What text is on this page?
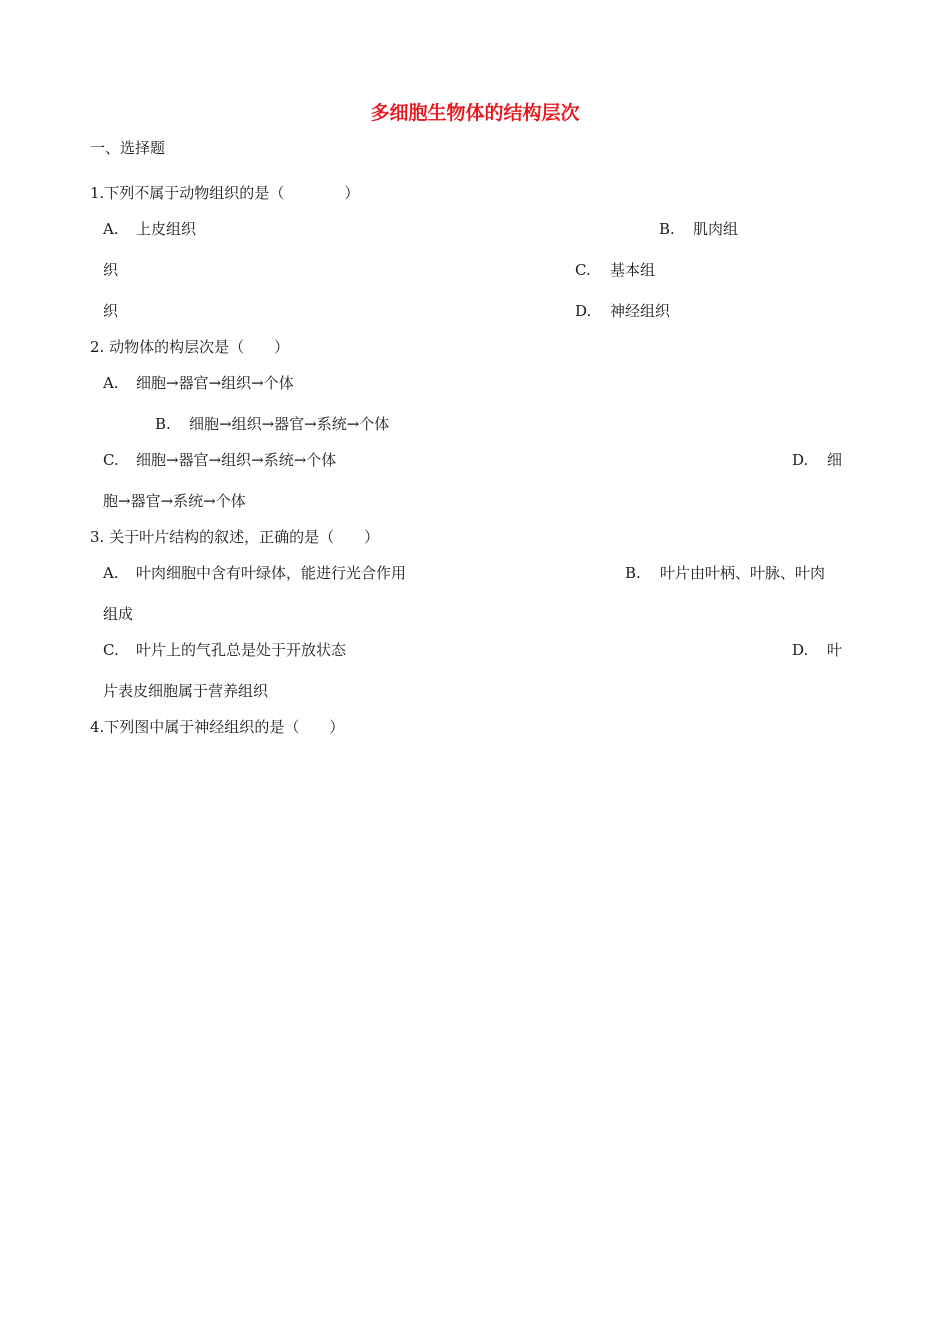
多细胞生物体的结构层次
一、选择题
1.下列不属于动物组织的是（　　　　）
A. 上皮组织	B. 肌肉组
织	C. 基本组
织	D. 神经组织
2. 动物体的构层次是（　　）
A. 细胞→器官→组织→个体
B. 细胞→组织→器官→系统→个体
C. 细胞→器官→组织→系统→个体	D. 细
胞→器官→系统→个体
3. 关于叶片结构的叙述，正确的是（　　）
A. 叶肉细胞中含有叶绿体，能进行光合作用	B. 叶片由叶柄、叶脉、叶肉
组成
C. 叶片上的气孔总是处于开放状态	D. 叶
片表皮细胞属于营养组织
4.下列图中属于神经组织的是（　　）
